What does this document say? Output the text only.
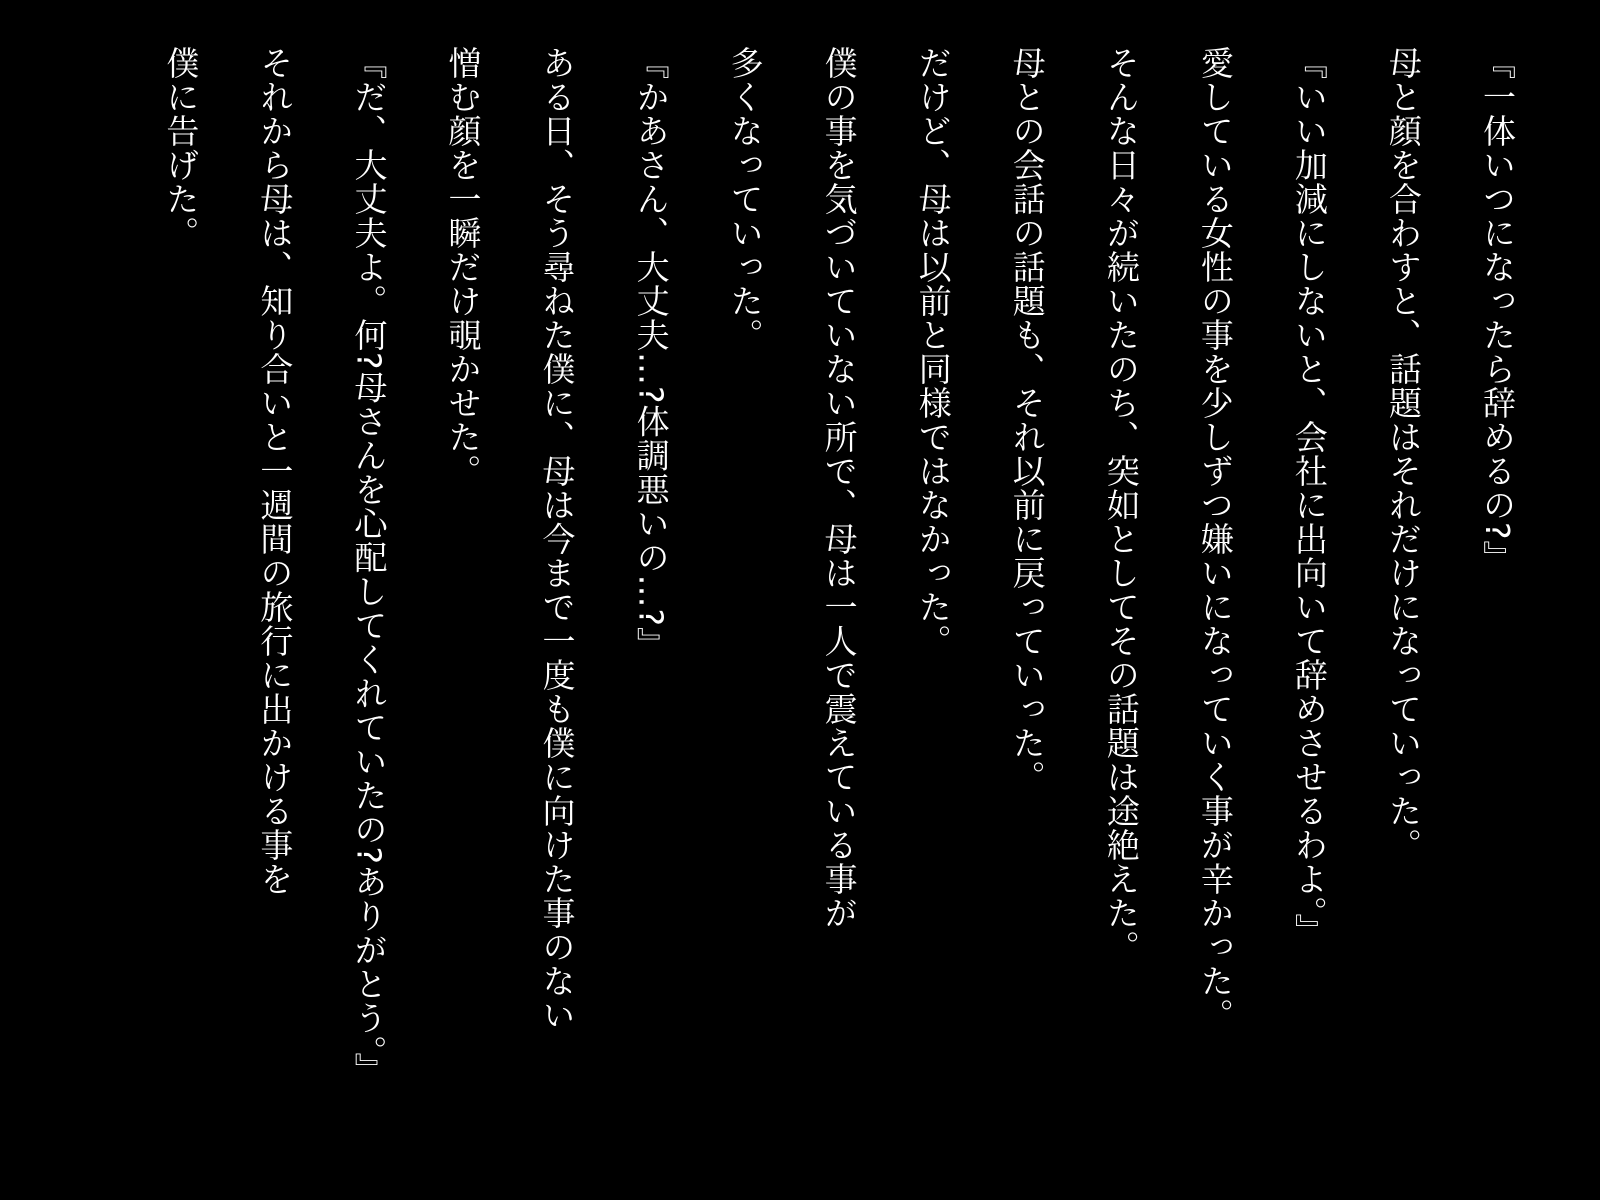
『一体いつになったら辞めるの?』

母と顔を合わすと、話題はそれだけになっていった。

『いい加減にしないと、会社に出向いて辞めさせるわよ。』

愛している女性の事を少しずつ嫌いになっていく事が辛かった。

そんな日々が続いたのち、突如としてその話題は途絶えた。

母との会話の話題も、それ以前に戻っていった。

だけど、母は以前と同様ではなかった。

僕の事を気づいていない所で、母は一人で震えている事が

多くなっていった。

『かあさん、大丈夫…?体調悪いの…?』

ある日、そう尋ねた僕に、母は今まで一度も僕に向けた事のない

憎む顔を一瞬だけ覗かせた。

『だ、大丈夫よ。何?母さんを心配してくれていたの?ありがとう。』

それから母は、知り合いと一週間の旅行に出かける事を

僕に告げた。
